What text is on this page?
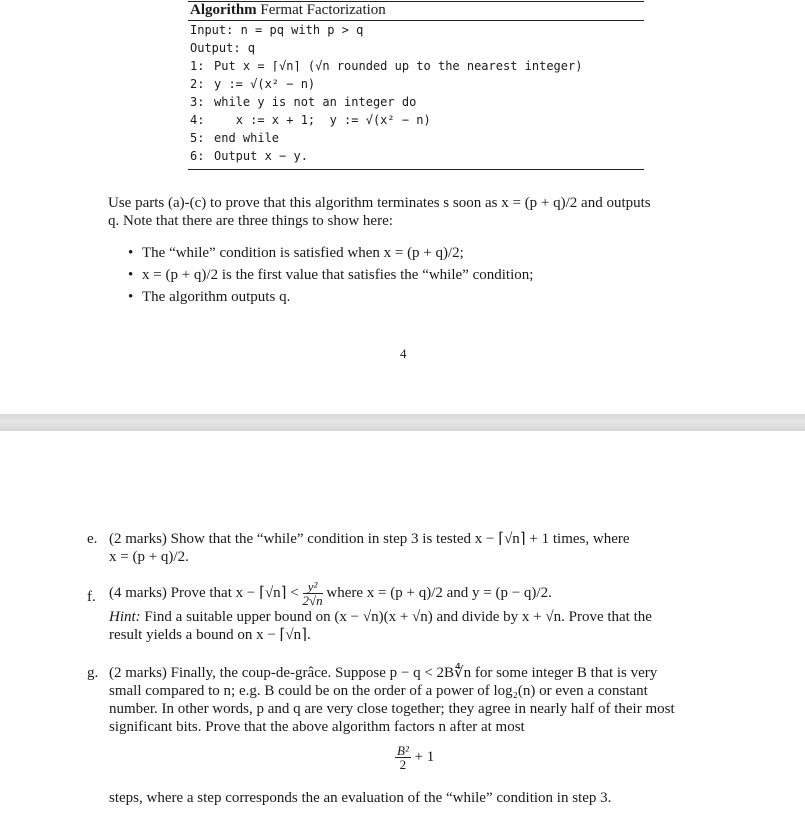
Algorithm Fermat Factorization
Input: n = pq with p > q
Output: q
1: Put x = ⌈√n⌉ (√n rounded up to the nearest integer)
2: y := √(x² − n)
3: while y is not an integer do
4:	x := x + 1;  y := √(x² − n)
5: end while
6: Output x − y.
Use parts (a)-(c) to prove that this algorithm terminates s soon as x = (p + q)/2 and outputs
q. Note that there are three things to show here:
• The “while” condition is satisfied when x = (p + q)/2;
• x = (p + q)/2 is the first value that satisfies the “while” condition;
• The algorithm outputs q.
4
e. (2 marks) Show that the “while” condition in step 3 is tested x − ⌈√n⌉ + 1 times, where
x = (p + q)/2.
f. (4 marks) Prove that x − ⌈√n⌉ < $\frac{\text{y²}}{2√n}$ where x = (p + q)/2 and y = (p − q)/2.
Hint: Find a suitable upper bound on (x − √n)(x + √n) and divide by x + √n. Prove that the
result yields a bound on x − ⌈√n⌉.
g. (2 marks) Finally, the coup-de-grâce. Suppose p − q < 2B∜n for some integer B that is very
small compared to n; e.g. B could be on the order of a power of log₂(n) or even a constant
number. In other words, p and q are very close together; they agree in nearly half of their most
significant bits. Prove that the above algorithm factors n after at most
$\frac{\text{B²}}{2} + 1$
steps, where a step corresponds the an evaluation of the “while” condition in step 3.
